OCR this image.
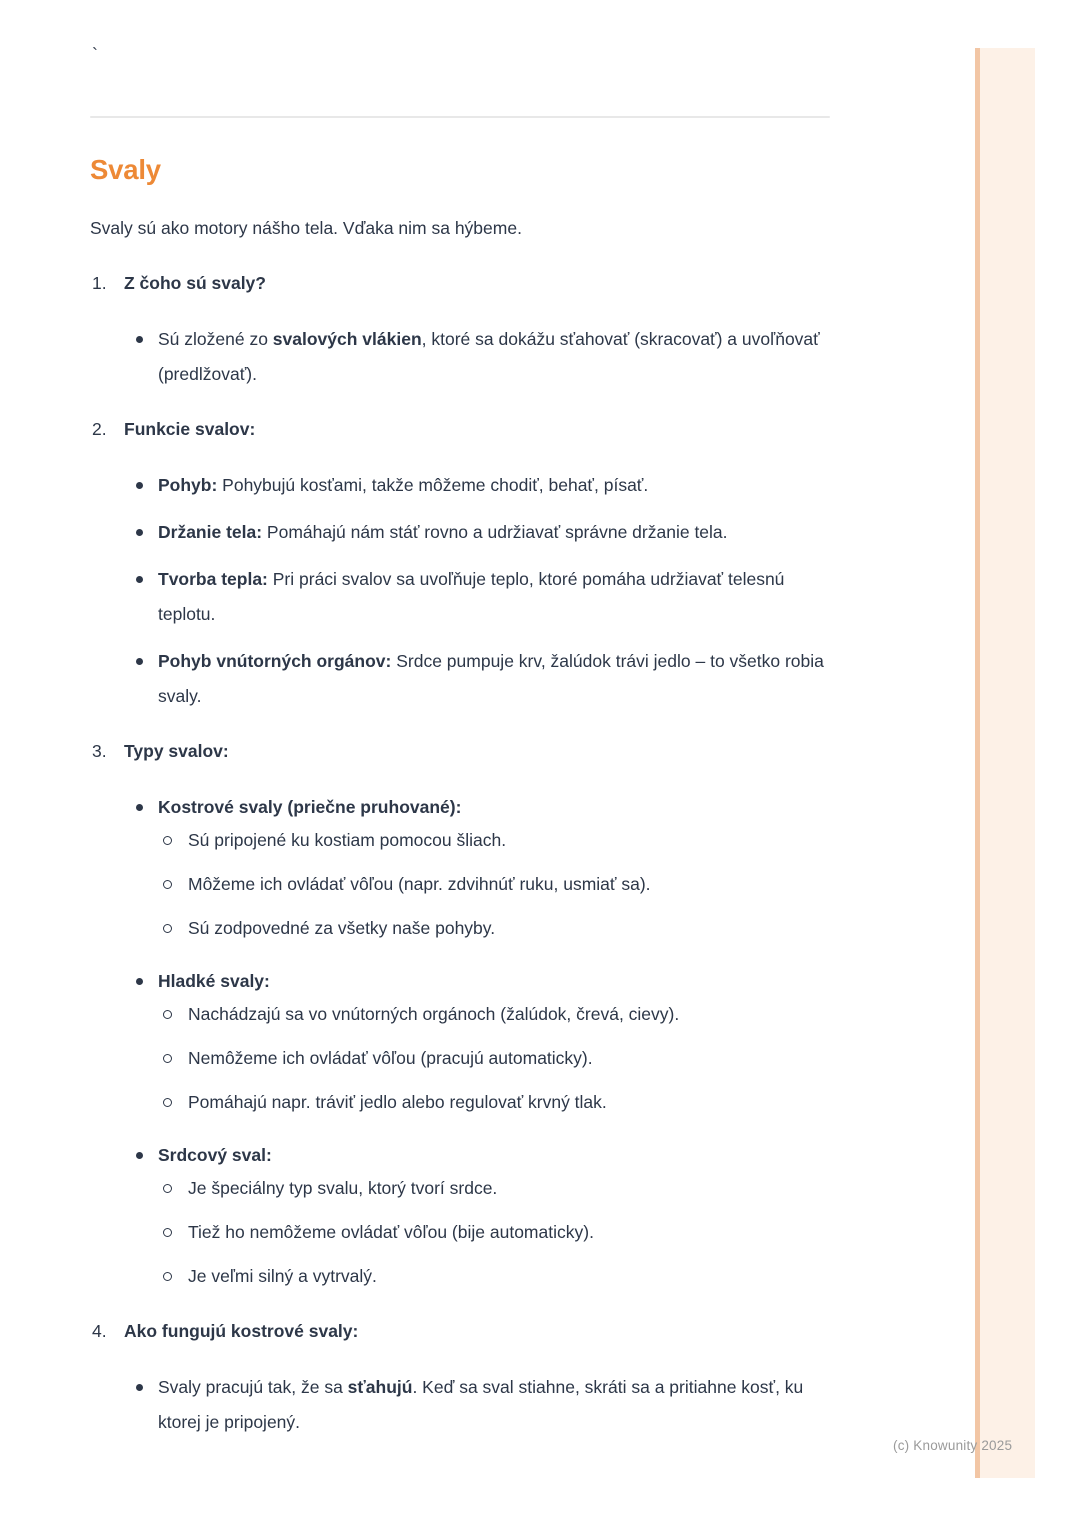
`
(c) Knowunity 2025
Svaly

Svaly sú ako motory nášho tela. Vďaka nim sa hýbeme.

1. Z čoho sú svaly?
Sú zložené zo svalových vlákien, ktoré sa dokážu sťahovať (skracovať) a uvoľňovať (predlžovať).
2. Funkcie svalov:
Pohyb: Pohybujú kosťami, takže môžeme chodiť, behať, písať.
Držanie tela: Pomáhajú nám stáť rovno a udržiavať správne držanie tela.
Tvorba tepla: Pri práci svalov sa uvoľňuje teplo, ktoré pomáha udržiavať telesnú teplotu.
Pohyb vnútorných orgánov: Srdce pumpuje krv, žalúdok trávi jedlo – to všetko robia svaly.
3. Typy svalov:
Kostrové svaly (priečne pruhované):
Sú pripojené ku kostiam pomocou šliach.
Môžeme ich ovládať vôľou (napr. zdvihnúť ruku, usmiať sa).
Sú zodpovedné za všetky naše pohyby.
Hladké svaly:
Nachádzajú sa vo vnútorných orgánoch (žalúdok, črevá, cievy).
Nemôžeme ich ovládať vôľou (pracujú automaticky).
Pomáhajú napr. tráviť jedlo alebo regulovať krvný tlak.
Srdcový sval:
Je špeciálny typ svalu, ktorý tvorí srdce.
Tiež ho nemôžeme ovládať vôľou (bije automaticky).
Je veľmi silný a vytrvalý.
4. Ako fungujú kostrové svaly:
Svaly pracujú tak, že sa sťahujú. Keď sa sval stiahne, skráti sa a pritiahne kosť, ku ktorej je pripojený.
